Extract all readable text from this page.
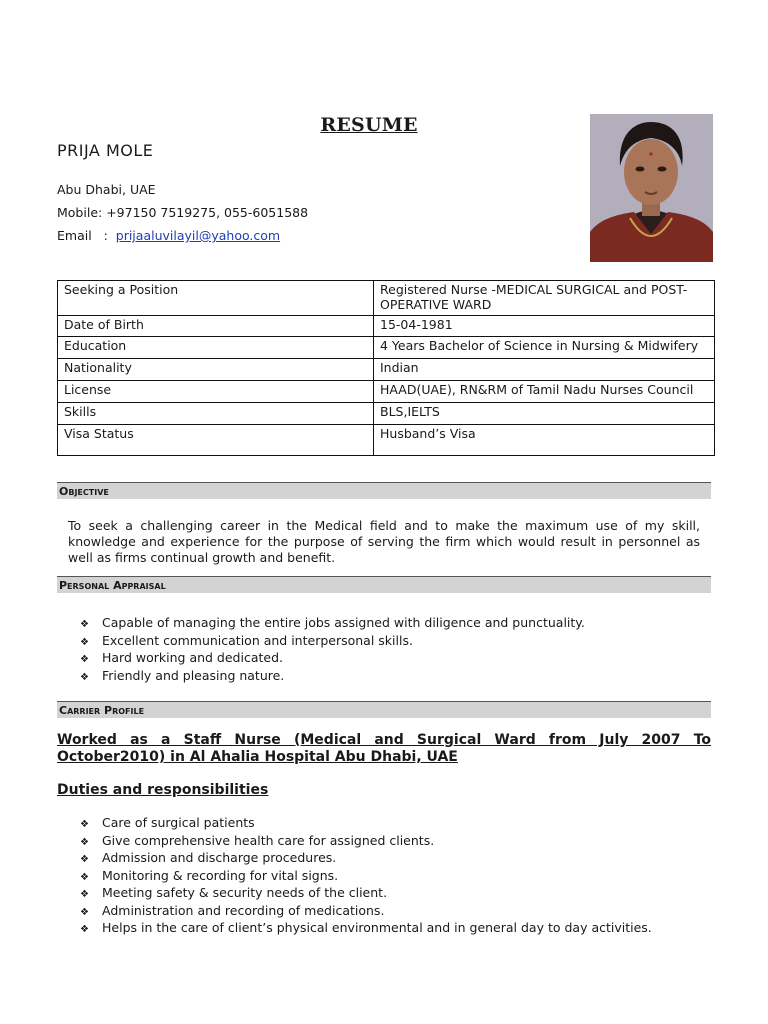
RESUME
PRIJA MOLE
Abu Dhabi, UAE
Mobile: +97150 7519275, 055-6051588
Email   :  prijaaluvilayil@yahoo.com
Seeking a Position	Registered Nurse -MEDICAL SURGICAL and POST-OPERATIVE WARD
Date of Birth	15-04-1981
Education	4 Years Bachelor of Science in Nursing & Midwifery
Nationality	Indian
License	HAAD(UAE), RN&RM of Tamil Nadu Nurses Council
Skills	BLS,IELTS
Visa Status	Husband’s Visa
Objective
To seek a challenging career in the Medical field and to make the maximum use of my skill, knowledge and experience for the purpose of serving the firm which would result in personnel as well as firms continual growth and benefit.
Personal Appraisal
❖ Capable of managing the entire jobs assigned with diligence and punctuality.
❖ Excellent communication and interpersonal skills.
❖ Hard working and dedicated.
❖ Friendly and pleasing nature.
Carrier Profile
Worked as a Staff Nurse (Medical and Surgical Ward from July 2007 To October2010) in Al Ahalia Hospital Abu Dhabi, UAE
Duties and responsibilities
❖ Care of surgical patients
❖ Give comprehensive health care for assigned clients.
❖ Admission and discharge procedures.
❖ Monitoring & recording for vital signs.
❖ Meeting safety & security needs of the client.
❖ Administration and recording of medications.
❖ Helps in the care of client’s physical environmental and in general day to day activities.
